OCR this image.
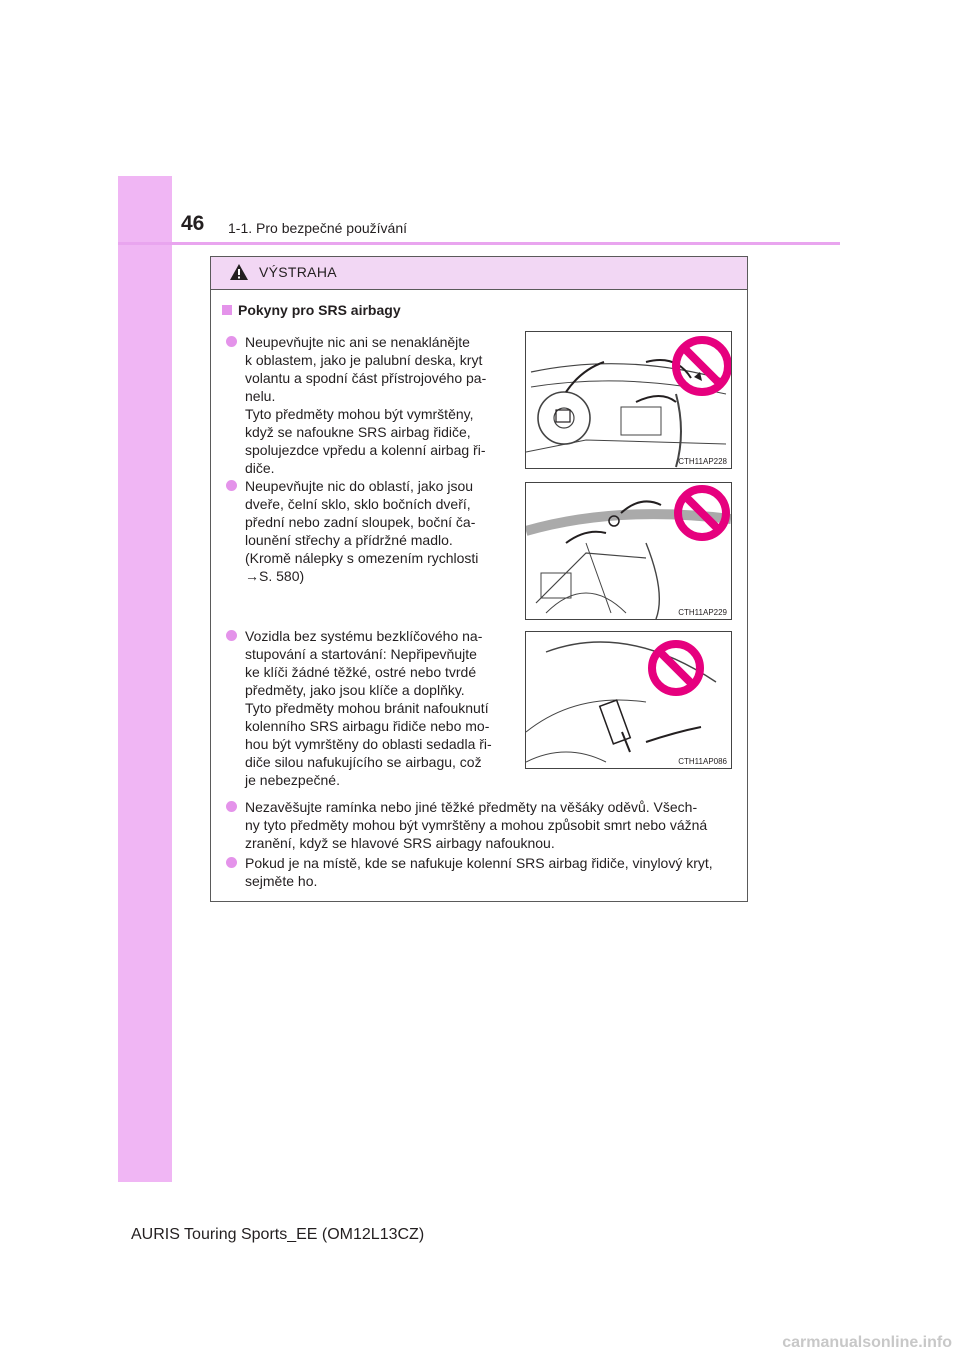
46 1-1. Pro bezpečné používání
VÝSTRAHA
Pokyny pro SRS airbagy
Neupevňujte nic ani se nenaklánějte
k oblastem, jako je palubní deska, kryt
volantu a spodní část přístrojového pa-
nelu.
Tyto předměty mohou být vymrštěny,
když se nafoukne SRS airbag řidiče,
spolujezdce vpředu a kolenní airbag ři-
diče.	CTH11AP228
Neupevňujte nic do oblastí, jako jsou
dveře, čelní sklo, sklo bočních dveří,
přední nebo zadní sloupek, boční ča-
lounění střechy a přídržné madlo.
(Kromě nálepky s omezením rychlosti
→S. 580)
CTH11AP229
Vozidla bez systému bezklíčového na-
stupování a startování: Nepřipevňujte
ke klíči žádné těžké, ostré nebo tvrdé
předměty, jako jsou klíče a doplňky.
Tyto předměty mohou bránit nafouknutí
kolenního SRS airbagu řidiče nebo mo-
hou být vymrštěny do oblasti sedadla ři-
diče silou nafukujícího se airbagu, což
je nebezpečné.
CTH11AP086
Nezavěšujte ramínka nebo jiné těžké předměty na věšáky oděvů. Všech-
ny tyto předměty mohou být vymrštěny a mohou způsobit smrt nebo vážná
zranění, když se hlavové SRS airbagy nafouknou.
Pokud je na místě, kde se nafukuje kolenní SRS airbag řidiče, vinylový kryt,
sejměte ho.
AURIS Touring Sports_EE (OM12L13CZ)
carmanualsonline.info
